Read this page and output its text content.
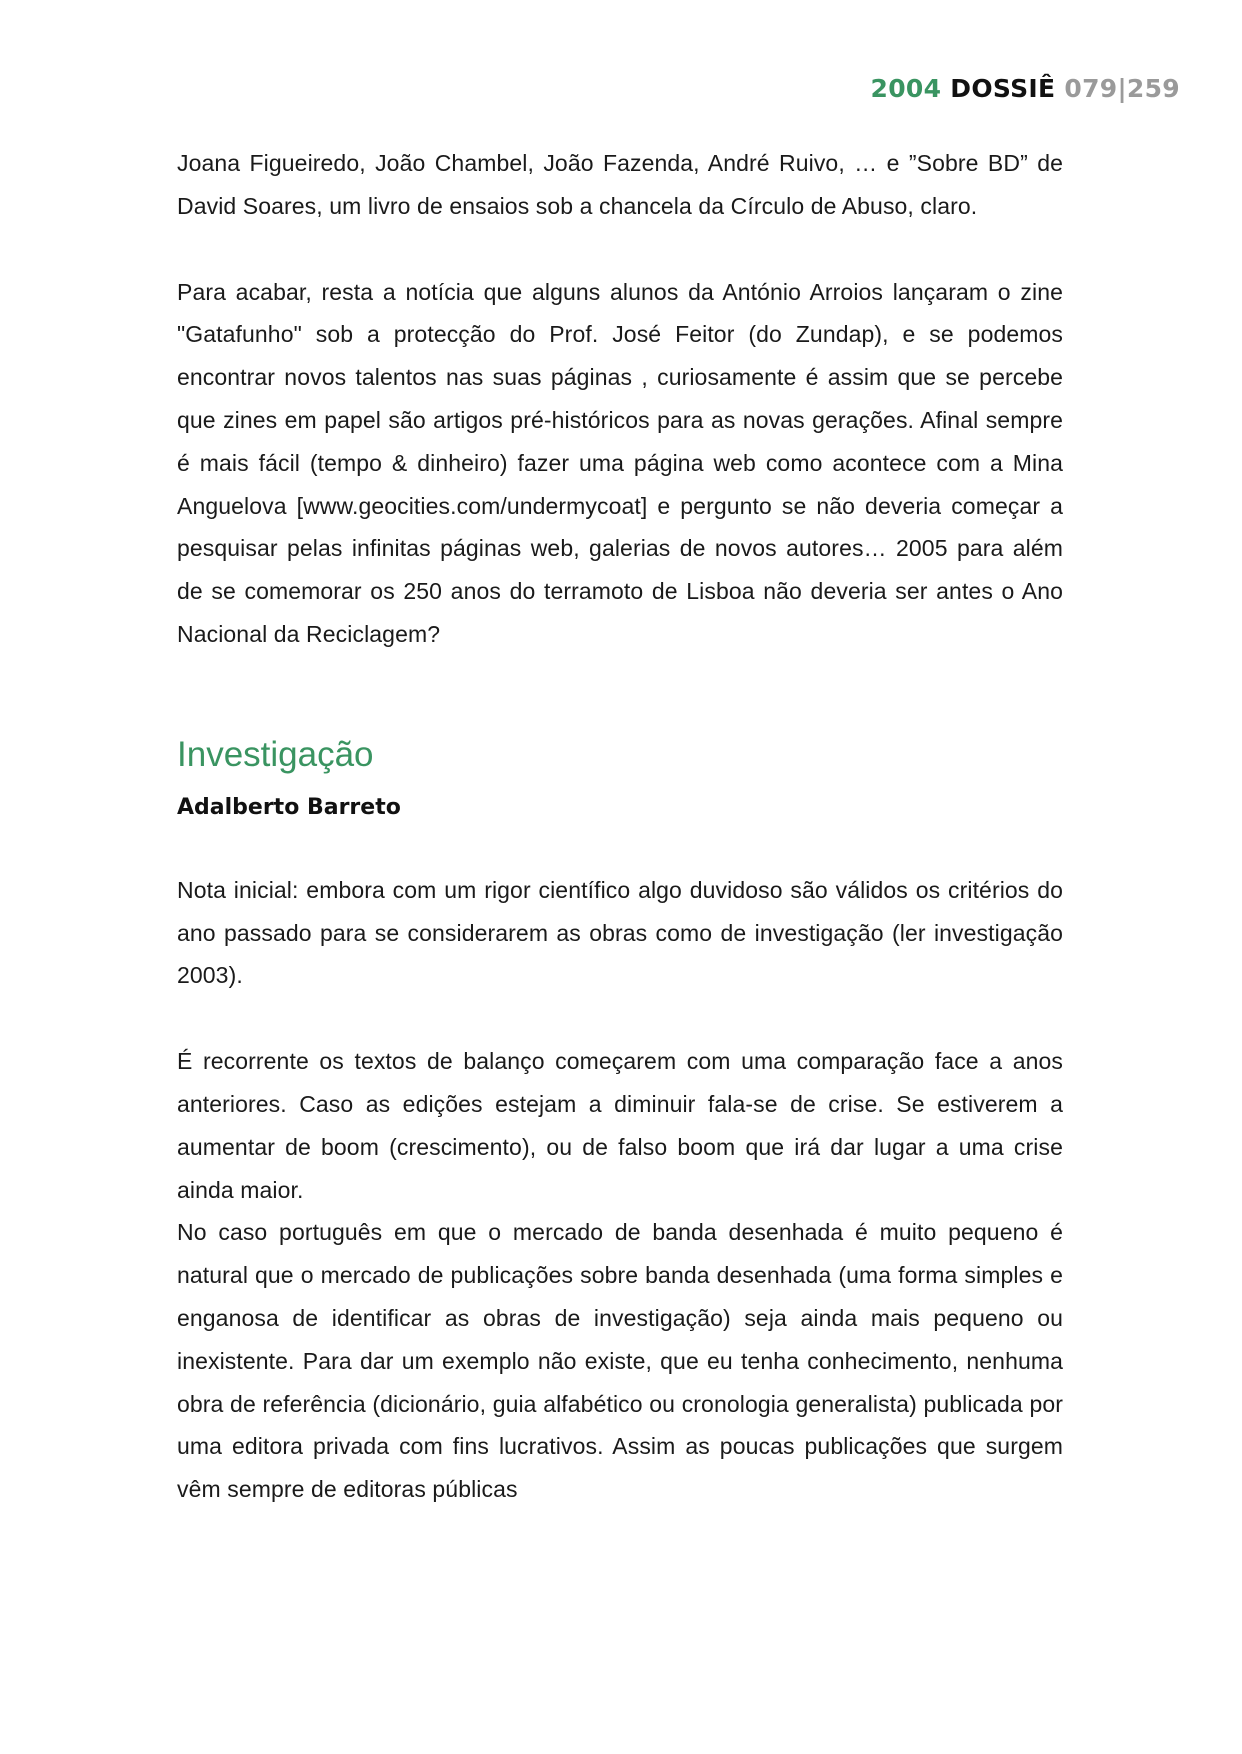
2004 DOSSIÊ 079|259

Joana Figueiredo, João Chambel, João Fazenda, André Ruivo, … e ”Sobre BD” de David Soares, um livro de ensaios sob a chancela da Círculo de Abuso, claro.

Para acabar, resta a notícia que alguns alunos da António Arroios lançaram o zine "Gatafunho" sob a protecção do Prof. José Feitor (do Zundap), e se podemos encontrar novos talentos nas suas páginas , curiosamente é assim que se percebe que zines em papel são artigos pré-históricos para as novas gerações. Afinal sempre é mais fácil (tempo & dinheiro) fazer uma página web como acontece com a Mina Anguelova [www.geocities.com/undermycoat] e pergunto se não deveria começar a pesquisar pelas infinitas páginas web, galerias de novos autores… 2005 para além de se comemorar os 250 anos do terramoto de Lisboa não deveria ser antes o Ano Nacional da Reciclagem?

Investigação

Adalberto Barreto

Nota inicial: embora com um rigor científico algo duvidoso são válidos os critérios do ano passado para se considerarem as obras como de investigação (ler investigação 2003).

É recorrente os textos de balanço começarem com uma comparação face a anos anteriores. Caso as edições estejam a diminuir fala-se de crise. Se estiverem a aumentar de boom (crescimento), ou de falso boom que irá dar lugar a uma crise ainda maior.

No caso português em que o mercado de banda desenhada é muito pequeno é natural que o mercado de publicações sobre banda desenhada (uma forma simples e enganosa de identificar as obras de investigação) seja ainda mais pequeno ou inexistente. Para dar um exemplo não existe, que eu tenha conhecimento, nenhuma obra de referência (dicionário, guia alfabético ou cronologia generalista) publicada por uma editora privada com fins lucrativos. Assim as poucas publicações que surgem vêm sempre de editoras públicas
